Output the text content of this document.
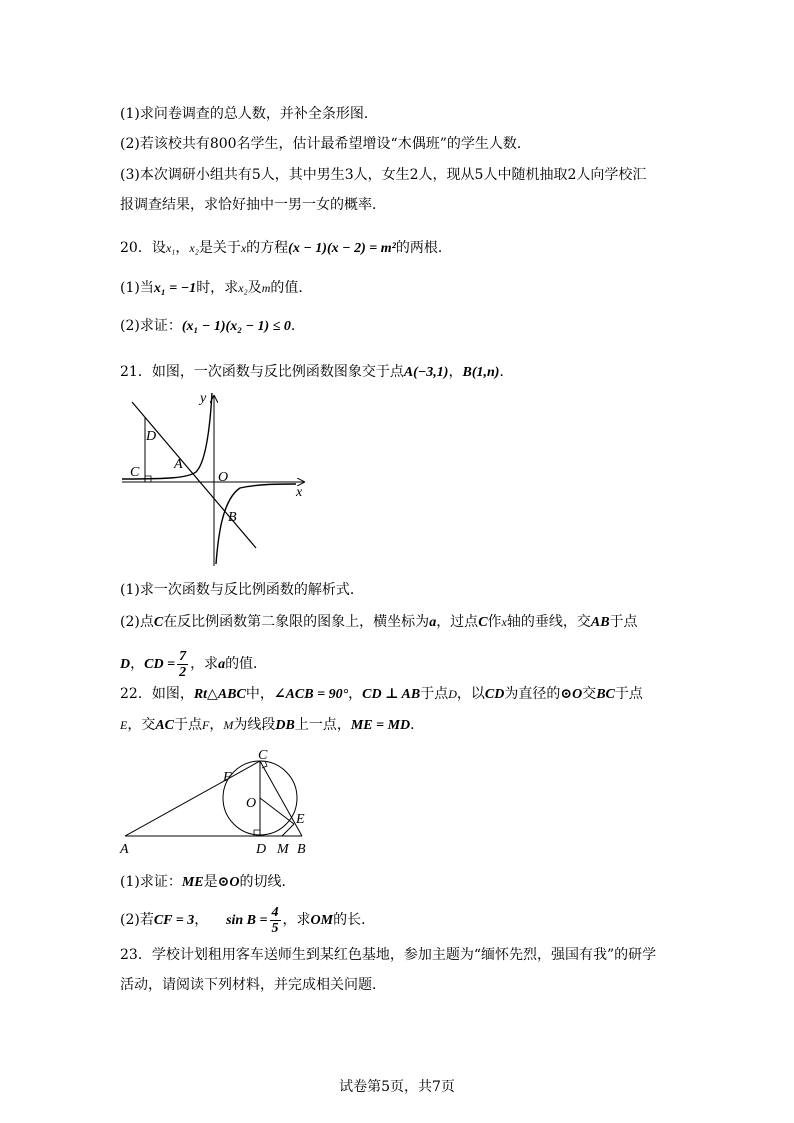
(1)求问卷调查的总人数，并补全条形图．
(2)若该校共有800名学生，估计最希望增设“木偶班”的学生人数．
(3)本次调研小组共有5人，其中男生3人，女生2人，现从5人中随机抽取2人向学校汇
报调查结果，求恰好抽中一男一女的概率．
20．设x₁，x₂是关于x的方程(x − 1)(x − 2) = m²的两根．
(1)当x₁ = −1时，求x₂及m的值．
(2)求证：(x₁ − 1)(x₂ − 1) ≤ 0．
21．如图，一次函数与反比例函数图象交于点A(−3,1)，B(1,n)．
y
x
D
C
A
O
B
(1)求一次函数与反比例函数的解析式．
(2)点C在反比例函数第二象限的图象上，横坐标为a，过点C作x轴的垂线，交AB于点
D，CD = $\frac{7}{2}$ ，求a的值．
22．如图，Rt△ABC中，∠ACB = 90°，CD ⊥ AB于点D，以CD为直径的⊙O交BC于点
E，交AC于点F，M为线段DB上一点，ME = MD．
C
F
O
E
A	D M B
(1)求证：ME是⊙O的切线．
(2)若CF = 3， $\sin B = \frac{4}{5}$ ，求OM的长．
23．学校计划租用客车送师生到某红色基地，参加主题为“缅怀先烈，强国有我”的研学
活动，请阅读下列材料，并完成相关问题．
试卷第5页，共7页
